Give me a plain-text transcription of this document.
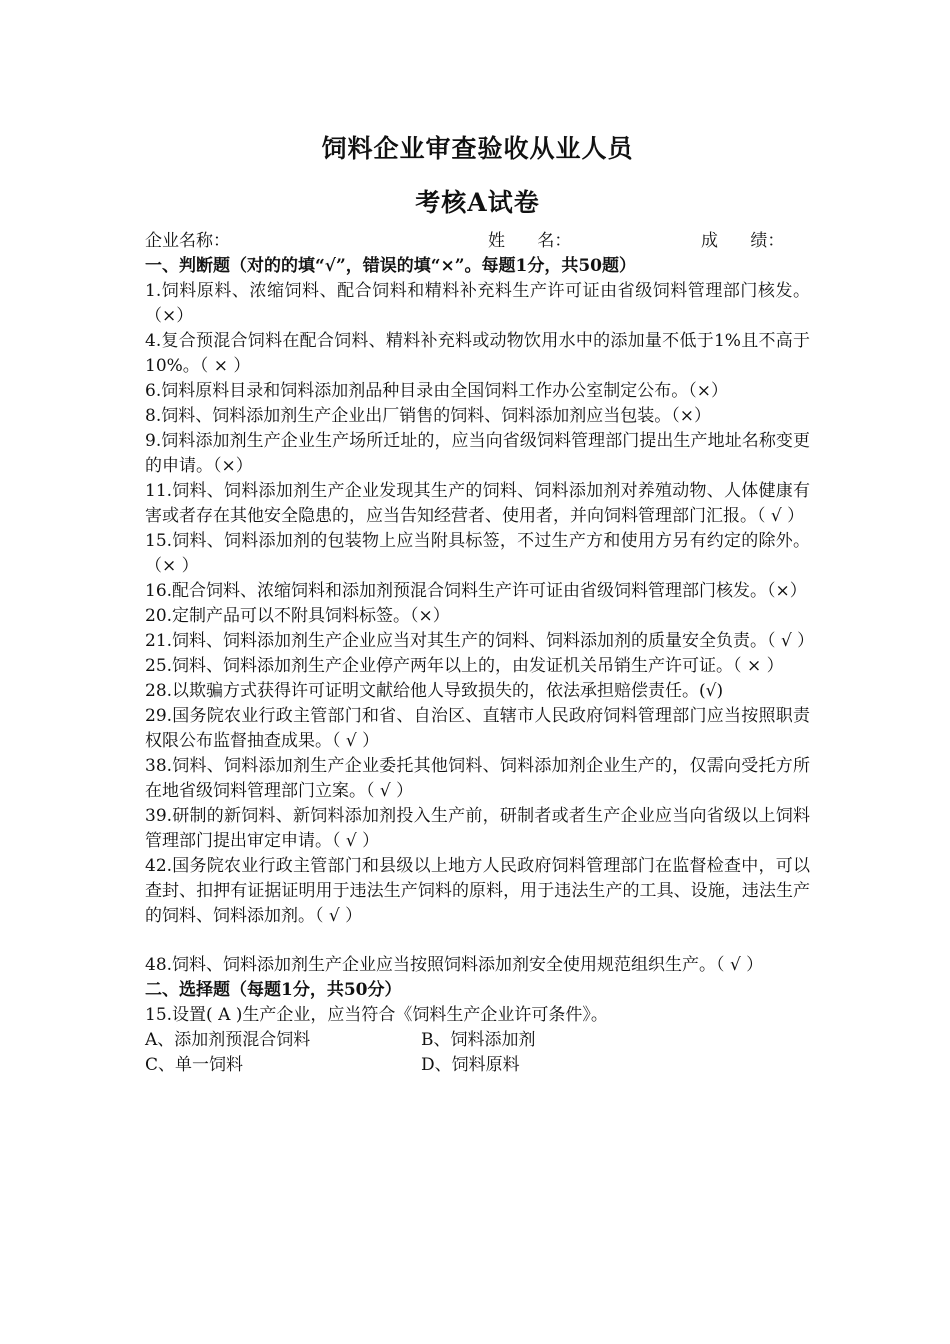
饲料企业审查验收从业人员
考核A试卷
企业名称：	姓      名：	成      绩：
一、判断题（对的的填“√”，错误的填“×”。每题1分，共50题）

1.饲料原料、浓缩饲料、配合饲料和精料补充料生产许可证由省级饲料管理部门核发。（×）

4.复合预混合饲料在配合饲料、精料补充料或动物饮用水中的添加量不低于1%且不高于10%。（ × ）

6.饲料原料目录和饲料添加剂品种目录由全国饲料工作办公室制定公布。（×）

8.饲料、饲料添加剂生产企业出厂销售的饲料、饲料添加剂应当包装。（×）

9.饲料添加剂生产企业生产场所迁址的，应当向省级饲料管理部门提出生产地址名称变更的申请。（×）

11.饲料、饲料添加剂生产企业发现其生产的饲料、饲料添加剂对养殖动物、人体健康有害或者存在其他安全隐患的，应当告知经营者、使用者，并向饲料管理部门汇报。（ √ ）

15.饲料、饲料添加剂的包装物上应当附具标签，不过生产方和使用方另有约定的除外。（× ）

16.配合饲料、浓缩饲料和添加剂预混合饲料生产许可证由省级饲料管理部门核发。（×）

20.定制产品可以不附具饲料标签。（×）

21.饲料、饲料添加剂生产企业应当对其生产的饲料、饲料添加剂的质量安全负责。（ √ ）

25.饲料、饲料添加剂生产企业停产两年以上的，由发证机关吊销生产许可证。（ × ）

28.以欺骗方式获得许可证明文献给他人导致损失的，依法承担赔偿责任。(√)

29.国务院农业行政主管部门和省、自治区、直辖市人民政府饲料管理部门应当按照职责权限公布监督抽查成果。（ √ ）

38.饲料、饲料添加剂生产企业委托其他饲料、饲料添加剂企业生产的，仅需向受托方所在地省级饲料管理部门立案。（ √ ）

39.研制的新饲料、新饲料添加剂投入生产前，研制者或者生产企业应当向省级以上饲料管理部门提出审定申请。（ √ ）

42.国务院农业行政主管部门和县级以上地方人民政府饲料管理部门在监督检查中，可以查封、扣押有证据证明用于违法生产饲料的原料，用于违法生产的工具、设施，违法生产的饲料、饲料添加剂。（ √ ）

48.饲料、饲料添加剂生产企业应当按照饲料添加剂安全使用规范组织生产。（ √ ）

二、选择题（每题1分，共50分）

15.设置( A )生产企业，应当符合《饲料生产企业许可条件》。

A、添加剂预混合饲料	B、饲料添加剂
C、单一饲料	D、饲料原料
